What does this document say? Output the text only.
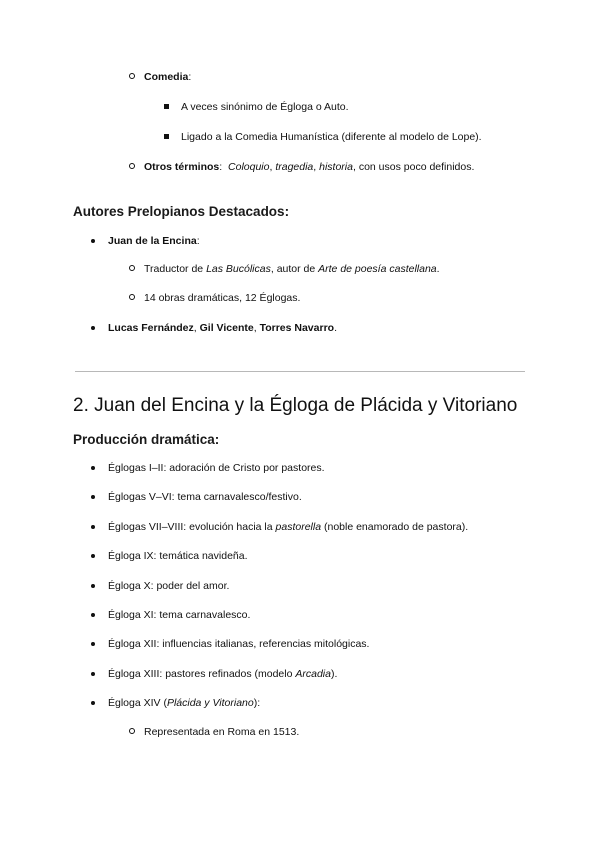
Comedia:
A veces sinónimo de Égloga o Auto.
Ligado a la Comedia Humanística (diferente al modelo de Lope).
Otros términos: Coloquio, tragedia, historia, con usos poco definidos.
Autores Prelopianos Destacados:
Juan de la Encina:
Traductor de Las Bucólicas, autor de Arte de poesía castellana.
14 obras dramáticas, 12 Églogas.
Lucas Fernández, Gil Vicente, Torres Navarro.
2. Juan del Encina y la Égloga de Plácida y Vitoriano
Producción dramática:
Églogas I–II: adoración de Cristo por pastores.
Églogas V–VI: tema carnavalesco/festivo.
Églogas VII–VIII: evolución hacia la pastorella (noble enamorado de pastora).
Égloga IX: temática navideña.
Égloga X: poder del amor.
Égloga XI: tema carnavalesco.
Égloga XII: influencias italianas, referencias mitológicas.
Égloga XIII: pastores refinados (modelo Arcadia).
Égloga XIV (Plácida y Vitoriano):
Representada en Roma en 1513.
